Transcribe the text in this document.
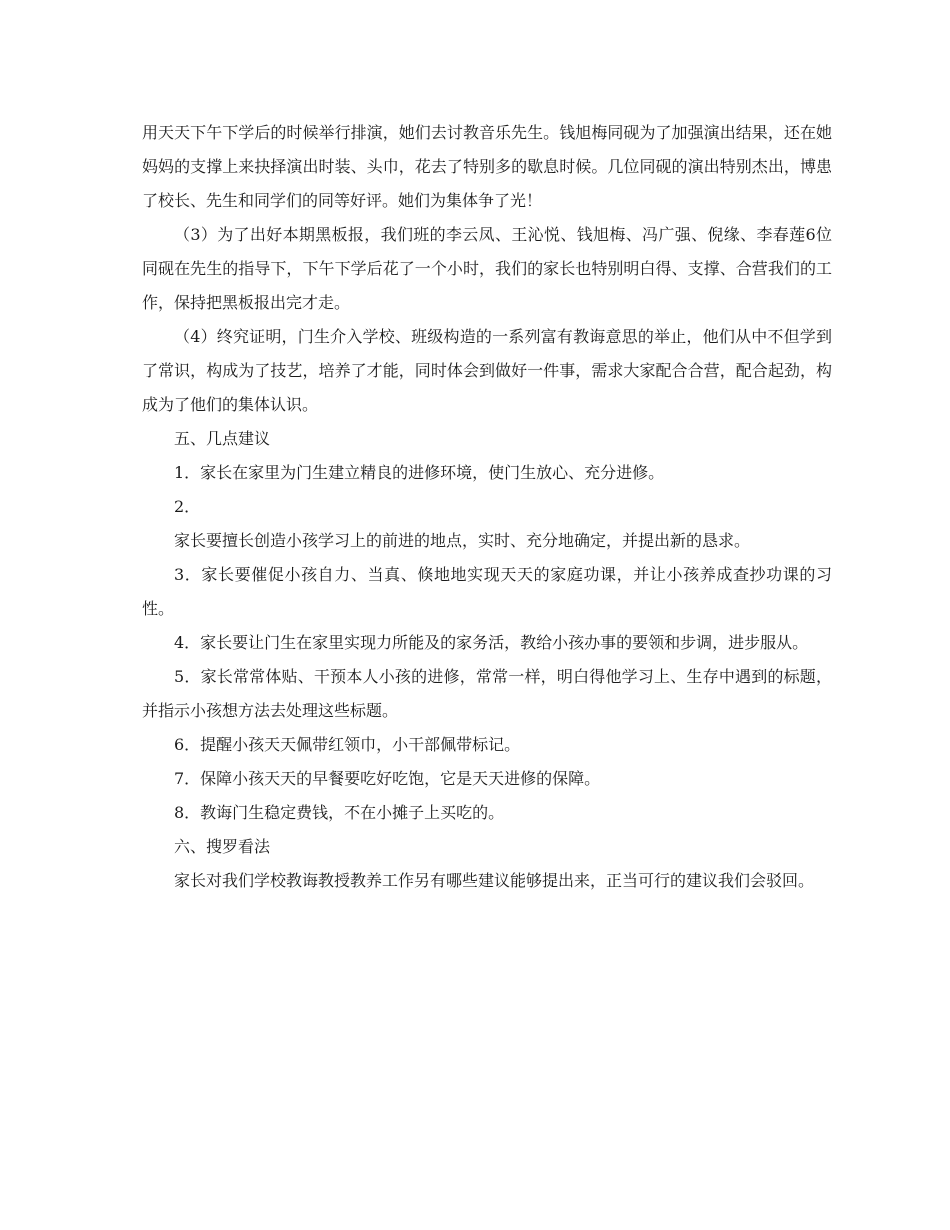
用天天下午下学后的时候举行排演，她们去讨教音乐先生。钱旭梅同砚为了加强演出结果，还在她妈妈的支撑上来抉择演出时装、头巾，花去了特别多的歇息时候。几位同砚的演出特别杰出，博患了校长、先生和同学们的同等好评。她们为集体争了光！

（3）为了出好本期黑板报，我们班的李云凤、王沁悦、钱旭梅、冯广强、倪缘、李春莲6位同砚在先生的指导下，下午下学后花了一个小时，我们的家长也特别明白得、支撑、合营我们的工作，保持把黑板报出完才走。

（4）终究证明，门生介入学校、班级构造的一系列富有教诲意思的举止，他们从中不但学到了常识，构成为了技艺，培养了才能，同时体会到做好一件事，需求大家配合合营，配合起劲，构成为了他们的集体认识。

五、几点建议

1．家长在家里为门生建立精良的进修环境，使门生放心、充分进修。

2．

家长要擅长创造小孩学习上的前进的地点，实时、充分地确定，并提出新的恳求。

3．家长要催促小孩自力、当真、倏地地实现天天的家庭功课，并让小孩养成查抄功课的习性。

4．家长要让门生在家里实现力所能及的家务活，教给小孩办事的要领和步调，进步服从。

5．家长常常体贴、干预本人小孩的进修，常常一样，明白得他学习上、生存中遇到的标题，并指示小孩想方法去处理这些标题。

6．提醒小孩天天佩带红领巾，小干部佩带标记。

7．保障小孩天天的早餐要吃好吃饱，它是天天进修的保障。

8．教诲门生稳定费钱，不在小摊子上买吃的。

六、搜罗看法

家长对我们学校教诲教授教养工作另有哪些建议能够提出来，正当可行的建议我们会驳回。
